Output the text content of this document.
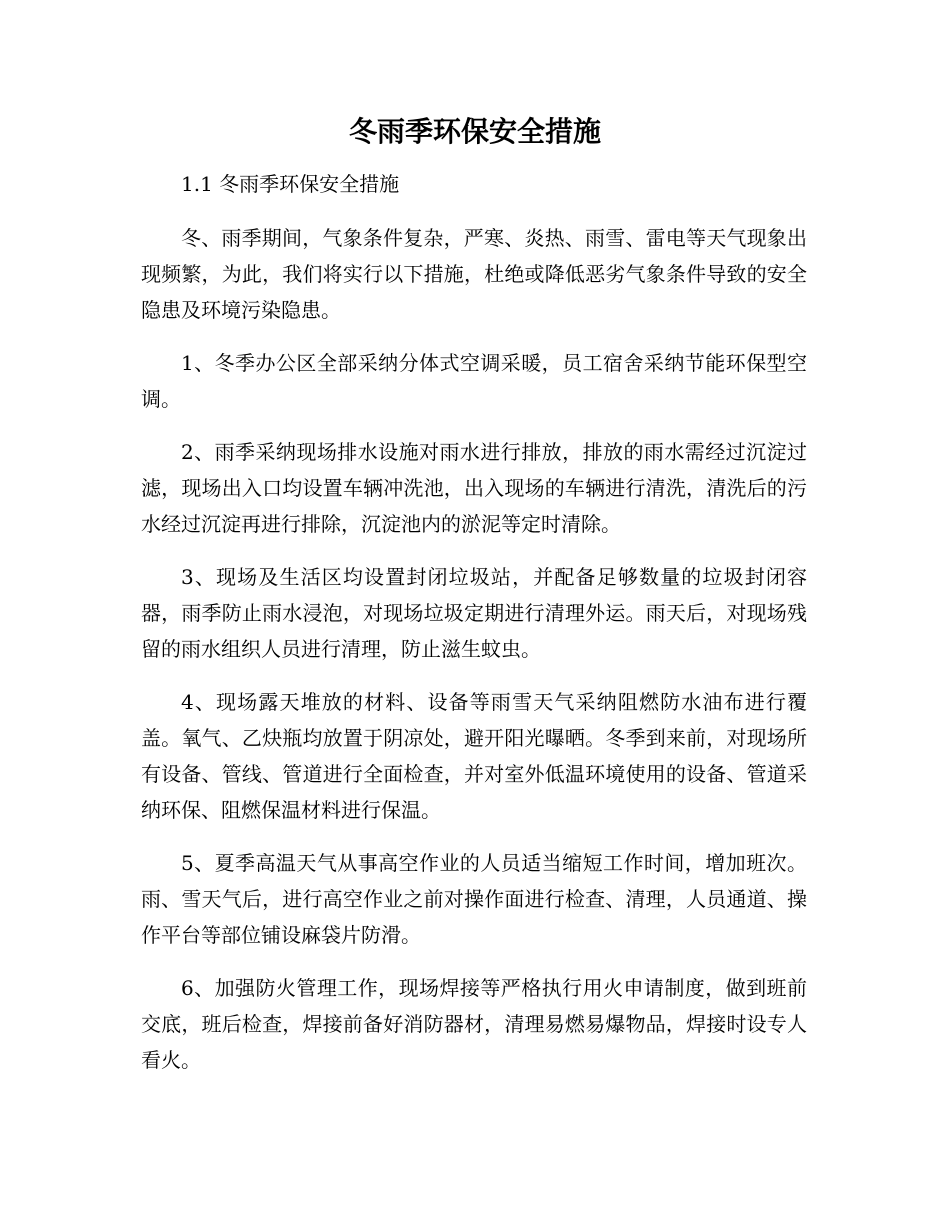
冬雨季环保安全措施

1.1 冬雨季环保安全措施

冬、雨季期间，气象条件复杂，严寒、炎热、雨雪、雷电等天气现象出现频繁，为此，我们将实行以下措施，杜绝或降低恶劣气象条件导致的安全隐患及环境污染隐患。

1、冬季办公区全部采纳分体式空调采暖，员工宿舍采纳节能环保型空调。

2、雨季采纳现场排水设施对雨水进行排放，排放的雨水需经过沉淀过滤，现场出入口均设置车辆冲洗池，出入现场的车辆进行清洗，清洗后的污水经过沉淀再进行排除，沉淀池内的淤泥等定时清除。

3、现场及生活区均设置封闭垃圾站，并配备足够数量的垃圾封闭容器，雨季防止雨水浸泡，对现场垃圾定期进行清理外运。雨天后，对现场残留的雨水组织人员进行清理，防止滋生蚊虫。

4、现场露天堆放的材料、设备等雨雪天气采纳阻燃防水油布进行覆盖。氧气、乙炔瓶均放置于阴凉处，避开阳光曝晒。冬季到来前，对现场所有设备、管线、管道进行全面检查，并对室外低温环境使用的设备、管道采纳环保、阻燃保温材料进行保温。

5、夏季高温天气从事高空作业的人员适当缩短工作时间，增加班次。雨、雪天气后，进行高空作业之前对操作面进行检查、清理，人员通道、操作平台等部位铺设麻袋片防滑。

6、加强防火管理工作，现场焊接等严格执行用火申请制度，做到班前交底，班后检查，焊接前备好消防器材，清理易燃易爆物品，焊接时设专人看火。
